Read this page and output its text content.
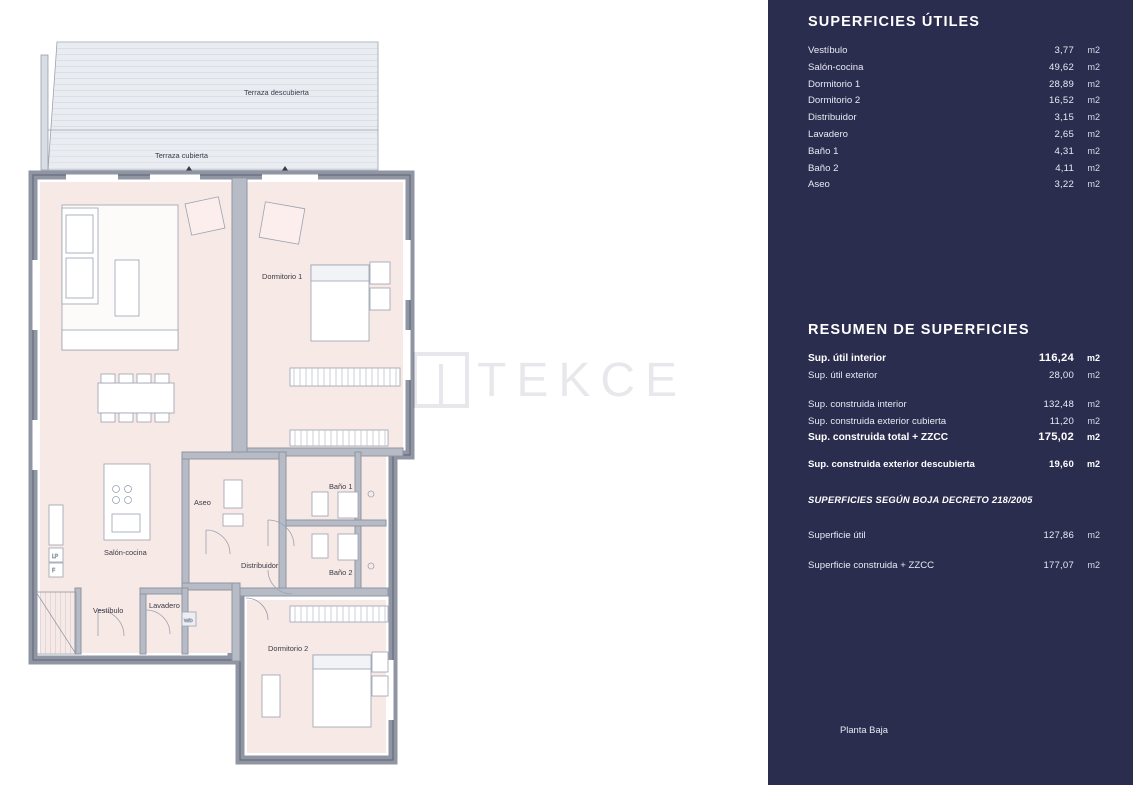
LP
F
W/D
Terraza descubierta
Terraza cubierta
Dormitorio 1
Aseo
Baño 1
Baño 2
Salón-cocina
Distribuidor
Vestíbulo
Lavadero
Dormitorio 2
TEKCE
SUPERFICIES ÚTILES
Vestíbulo	3,77	m2
Salón-cocina	49,62	m2
Dormitorio 1	28,89	m2
Dormitorio 2	16,52	m2
Distribuidor	3,15	m2
Lavadero	2,65	m2
Baño 1	4,31	m2
Baño 2	4,11	m2
Aseo	3,22	m2
RESUMEN DE SUPERFICIES
Sup. útil interior	116,24	m2
Sup. útil exterior	28,00	m2
Sup. construida interior	132,48	m2
Sup. construida exterior cubierta	11,20	m2
Sup. construida total + ZZCC	175,02	m2
Sup. construida exterior descubierta	19,60	m2
SUPERFICIES SEGÚN BOJA DECRETO 218/2005
Superficie útil	127,86	m2
Superficie construida + ZZCC	177,07	m2
Planta Baja
